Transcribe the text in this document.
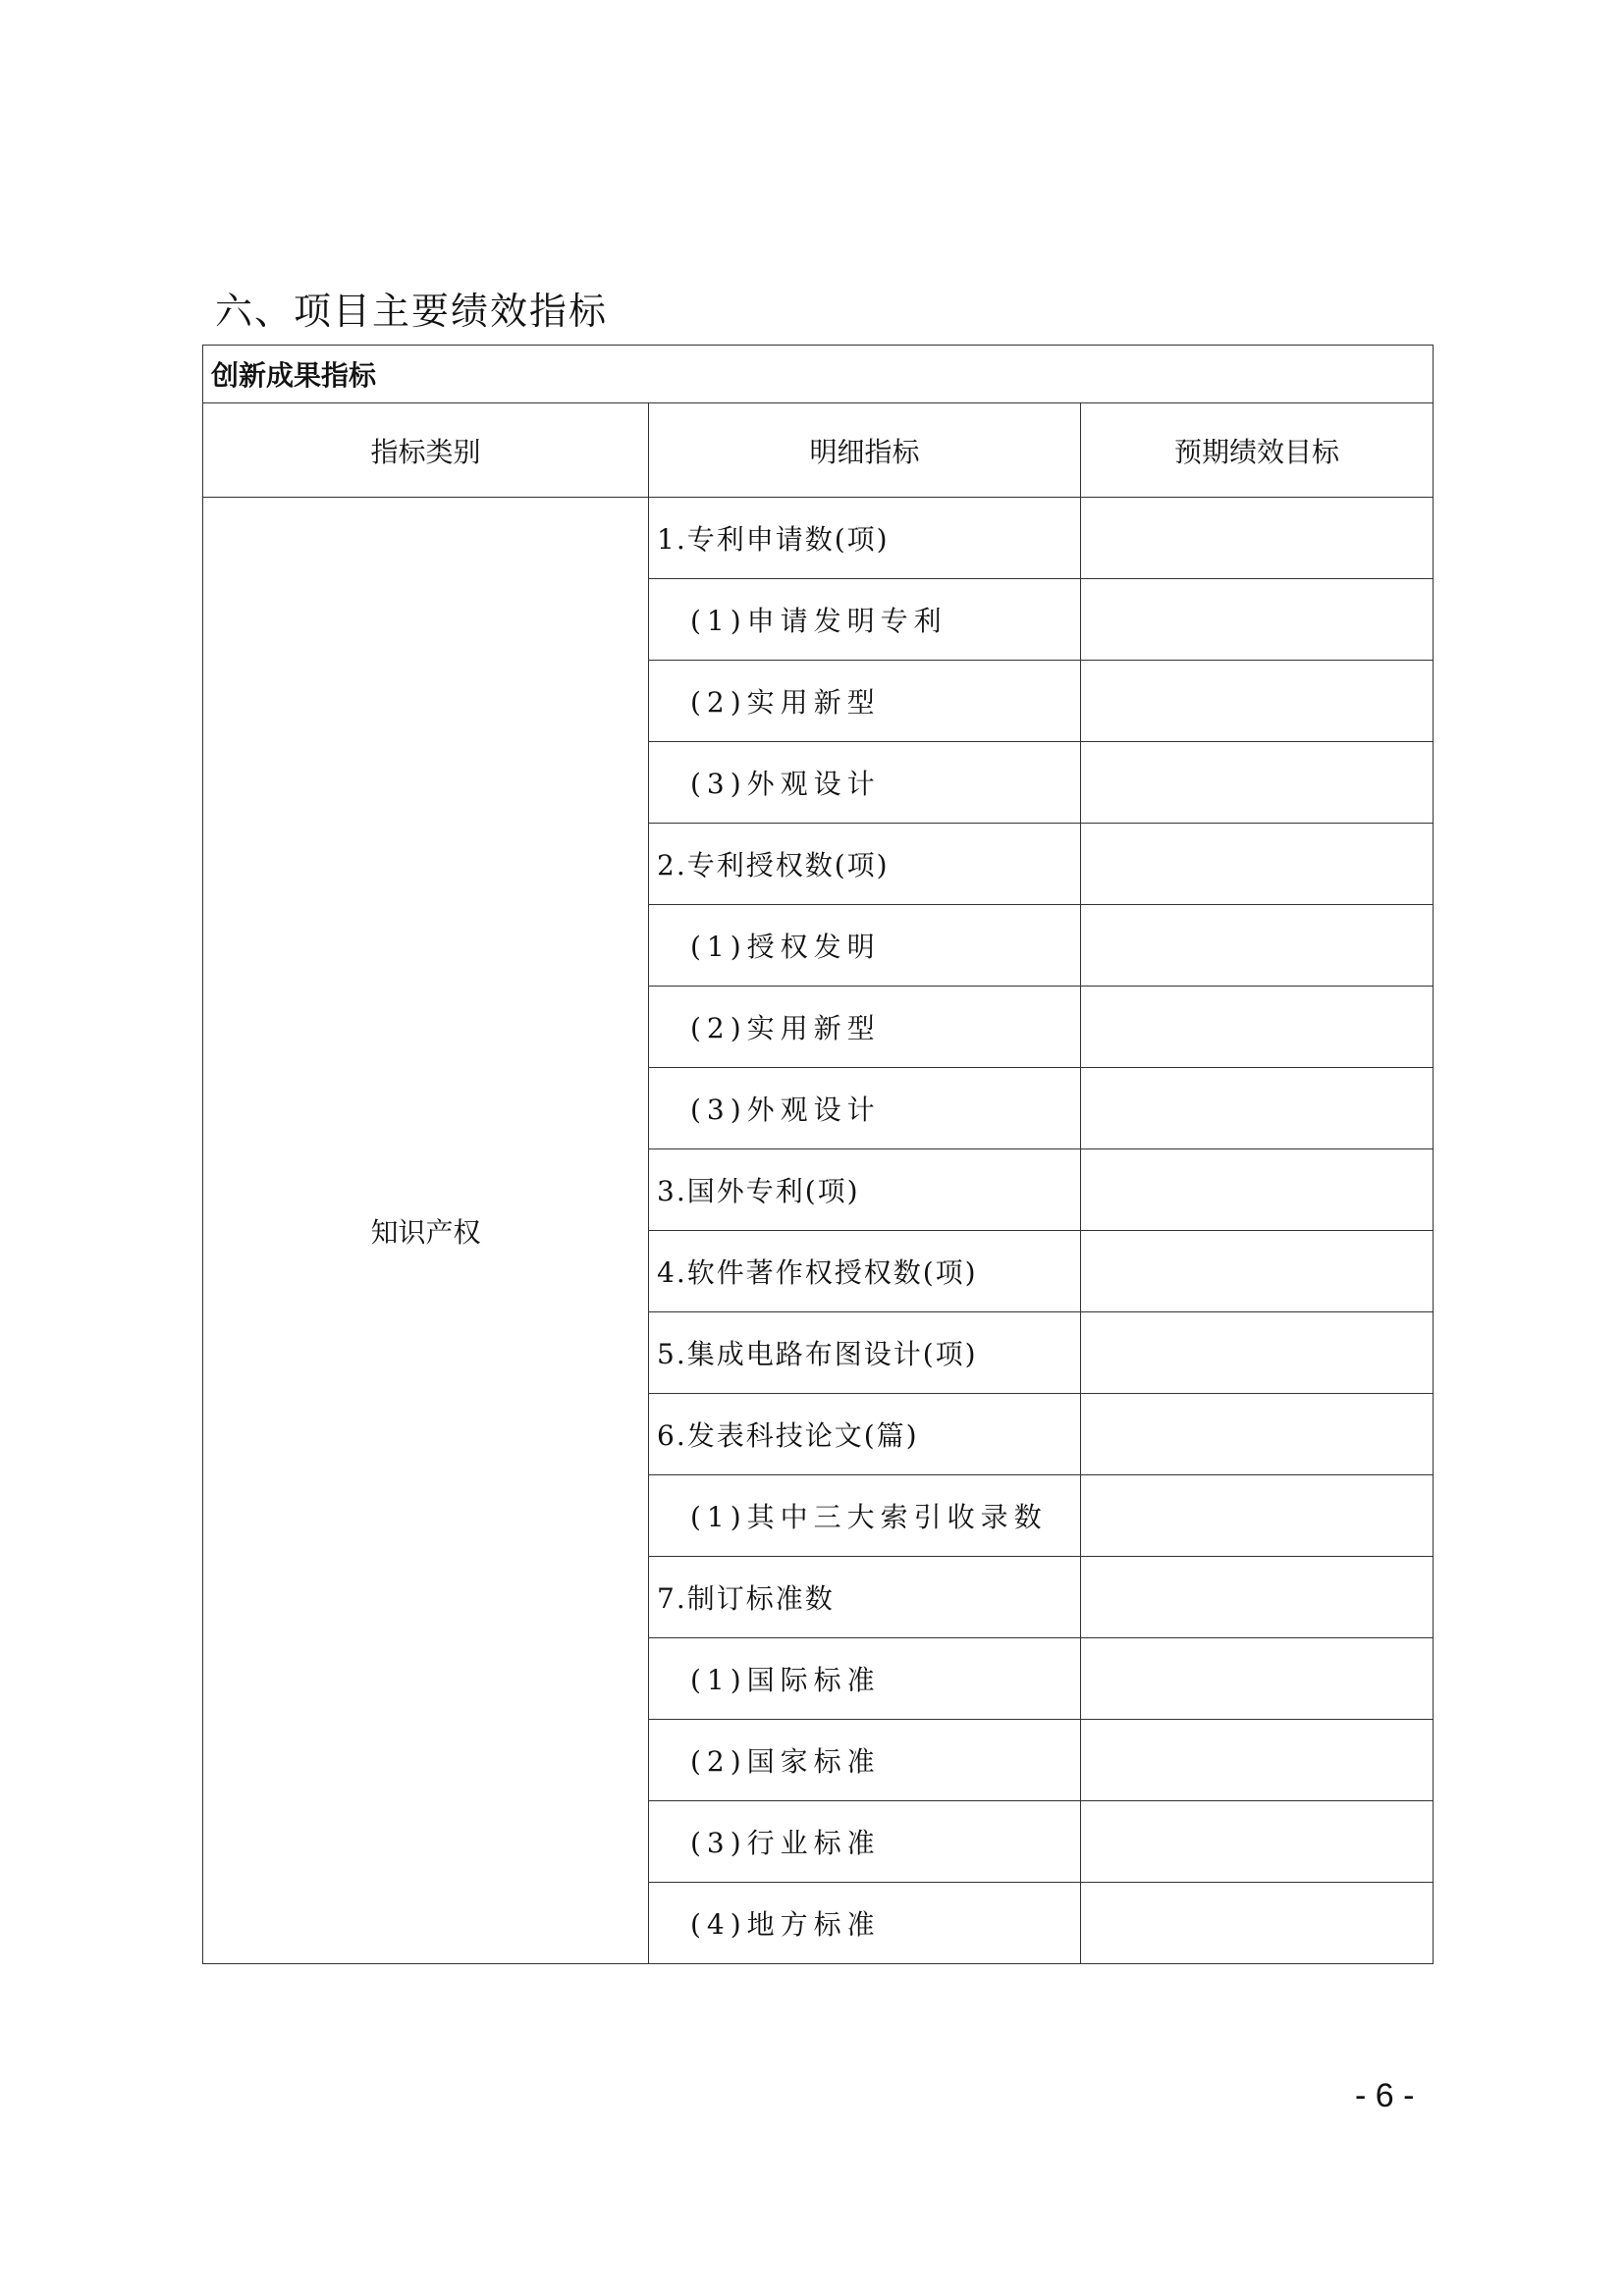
六、项目主要绩效指标
创新成果指标		
指标类别	明细指标	预期绩效目标
知识产权	1.专利申请数(项)	
	(1)申请发明专利	
	(2)实用新型	
	(3)外观设计	
	2.专利授权数(项)	
	(1)授权发明	
	(2)实用新型	
	(3)外观设计	
	3.国外专利(项)	
	4.软件著作权授权数(项)	
	5.集成电路布图设计(项)	
	6.发表科技论文(篇)	
	(1)其中三大索引收录数	
	7.制订标准数	
	(1)国际标准	
	(2)国家标准	
	(3)行业标准	
	(4)地方标准	
- 6 -
